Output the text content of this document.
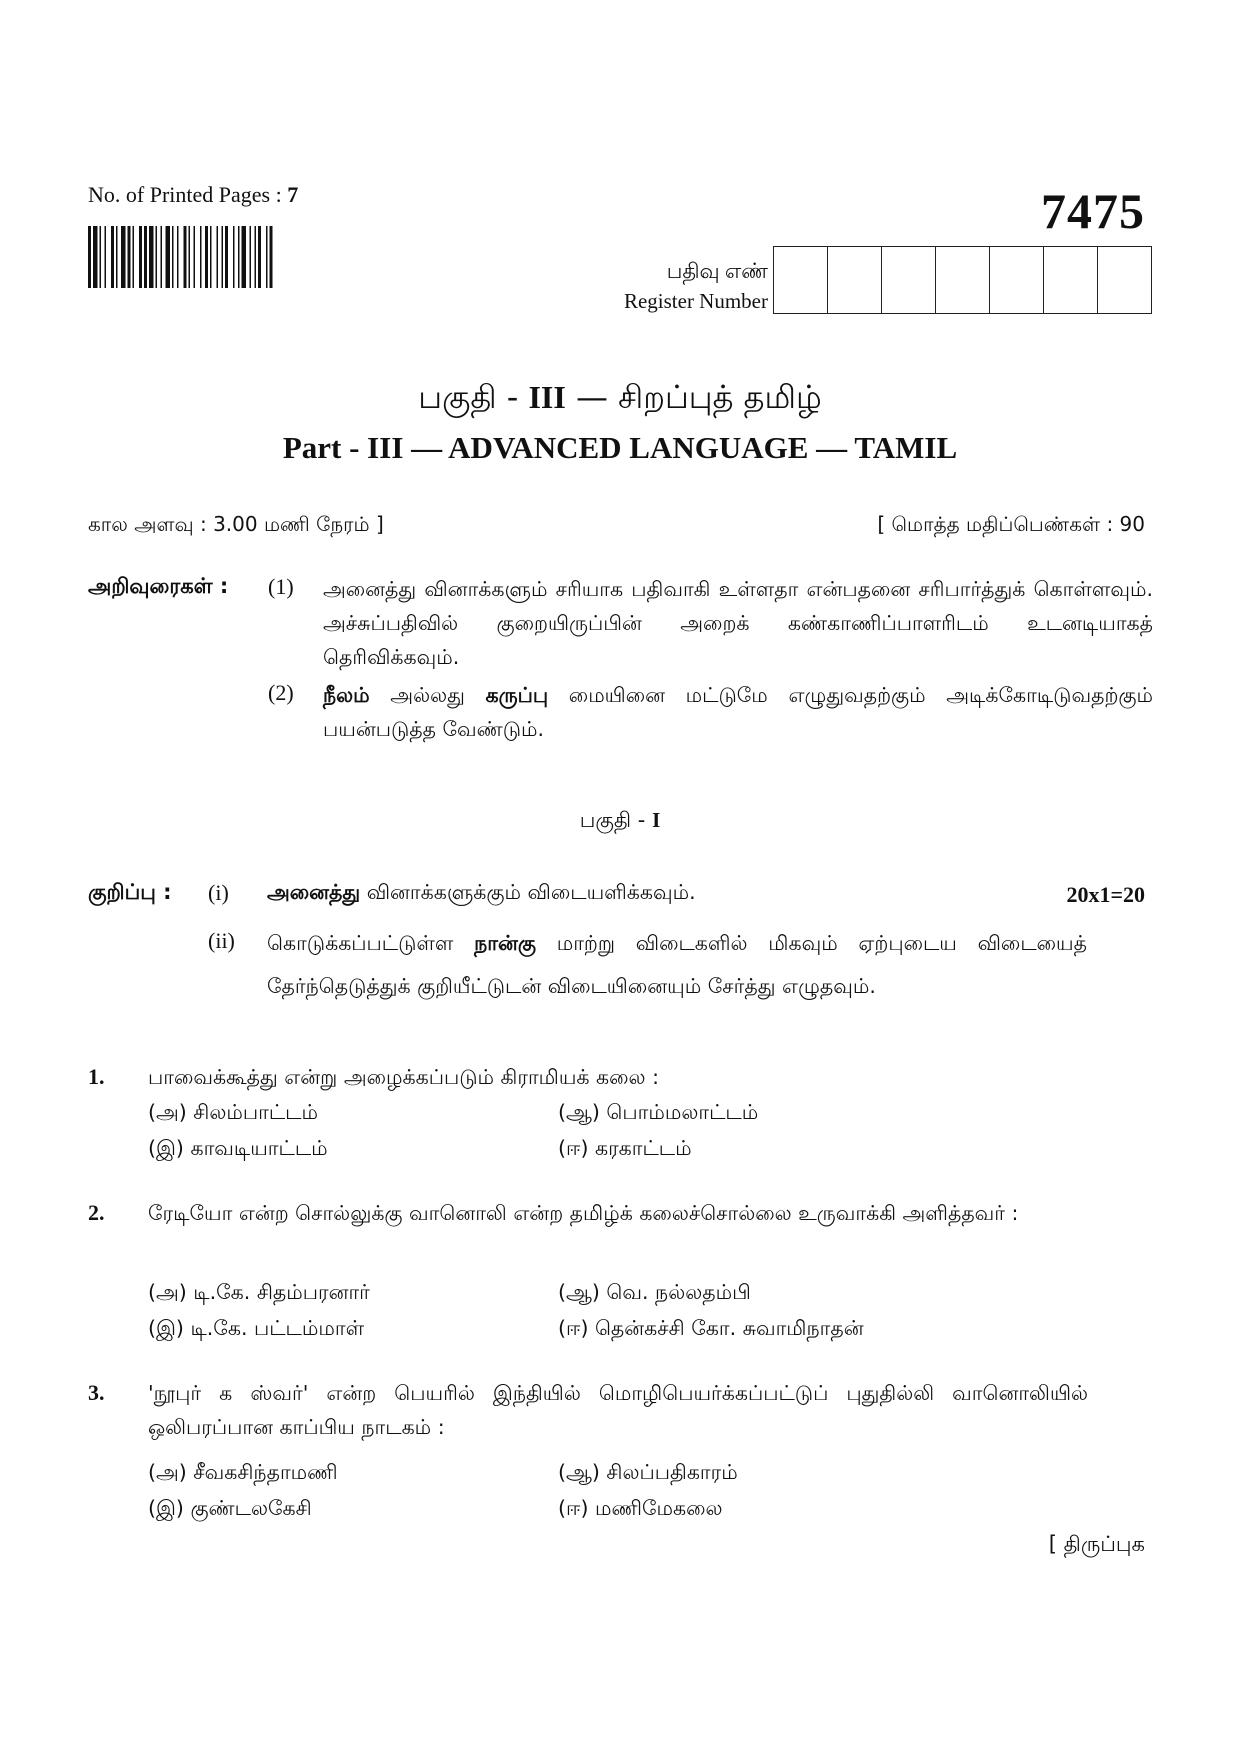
No. of Printed Pages : 7	7475
பதிவு எண்
Register Number
பகுதி - III — சிறப்புத் தமிழ்
Part - III — ADVANCED LANGUAGE — TAMIL
கால அளவு : 3.00 மணி நேரம் ]	[ மொத்த மதிப்பெண்கள் : 90
அறிவுரைகள் : (1) அனைத்து வினாக்களும் சரியாக பதிவாகி உள்ளதா என்பதனை சரிபார்த்துக் கொள்ளவும். அச்சுப்பதிவில் குறையிருப்பின் அறைக் கண்காணிப்பாளரிடம் உடனடியாகத் தெரிவிக்கவும்.
(2) நீலம் அல்லது கருப்பு மையினை மட்டுமே எழுதுவதற்கும் அடிக்கோடிடுவதற்கும் பயன்படுத்த வேண்டும்.
பகுதி - I
குறிப்பு : (i) அனைத்து வினாக்களுக்கும் விடையளிக்கவும்.	20x1=20
(ii) கொடுக்கப்பட்டுள்ள நான்கு மாற்று விடைகளில் மிகவும் ஏற்புடைய விடையைத் தேர்ந்தெடுத்துக் குறியீட்டுடன் விடையினையும் சேர்த்து எழுதவும்.
1. பாவைக்கூத்து என்று அழைக்கப்படும் கிராமியக் கலை :
(அ) சிலம்பாட்டம்	(ஆ) பொம்மலாட்டம்
(இ) காவடியாட்டம்	(ஈ) கரகாட்டம்
2. ரேடியோ என்ற சொல்லுக்கு வானொலி என்ற தமிழ்க் கலைச்சொல்லை உருவாக்கி அளித்தவர் :
(அ) டி.கே. சிதம்பரனார்	(ஆ) வெ. நல்லதம்பி
(இ) டி.கே. பட்டம்மாள்	(ஈ) தென்கச்சி கோ. சுவாமிநாதன்
3. 'நூபுர் க ஸ்வர்' என்ற பெயரில் இந்தியில் மொழிபெயர்க்கப்பட்டுப் புதுதில்லி வானொலியில் ஒலிபரப்பான காப்பிய நாடகம் :
(அ) சீவகசிந்தாமணி	(ஆ) சிலப்பதிகாரம்
(இ) குண்டலகேசி	(ஈ) மணிமேகலை
[ திருப்புக
